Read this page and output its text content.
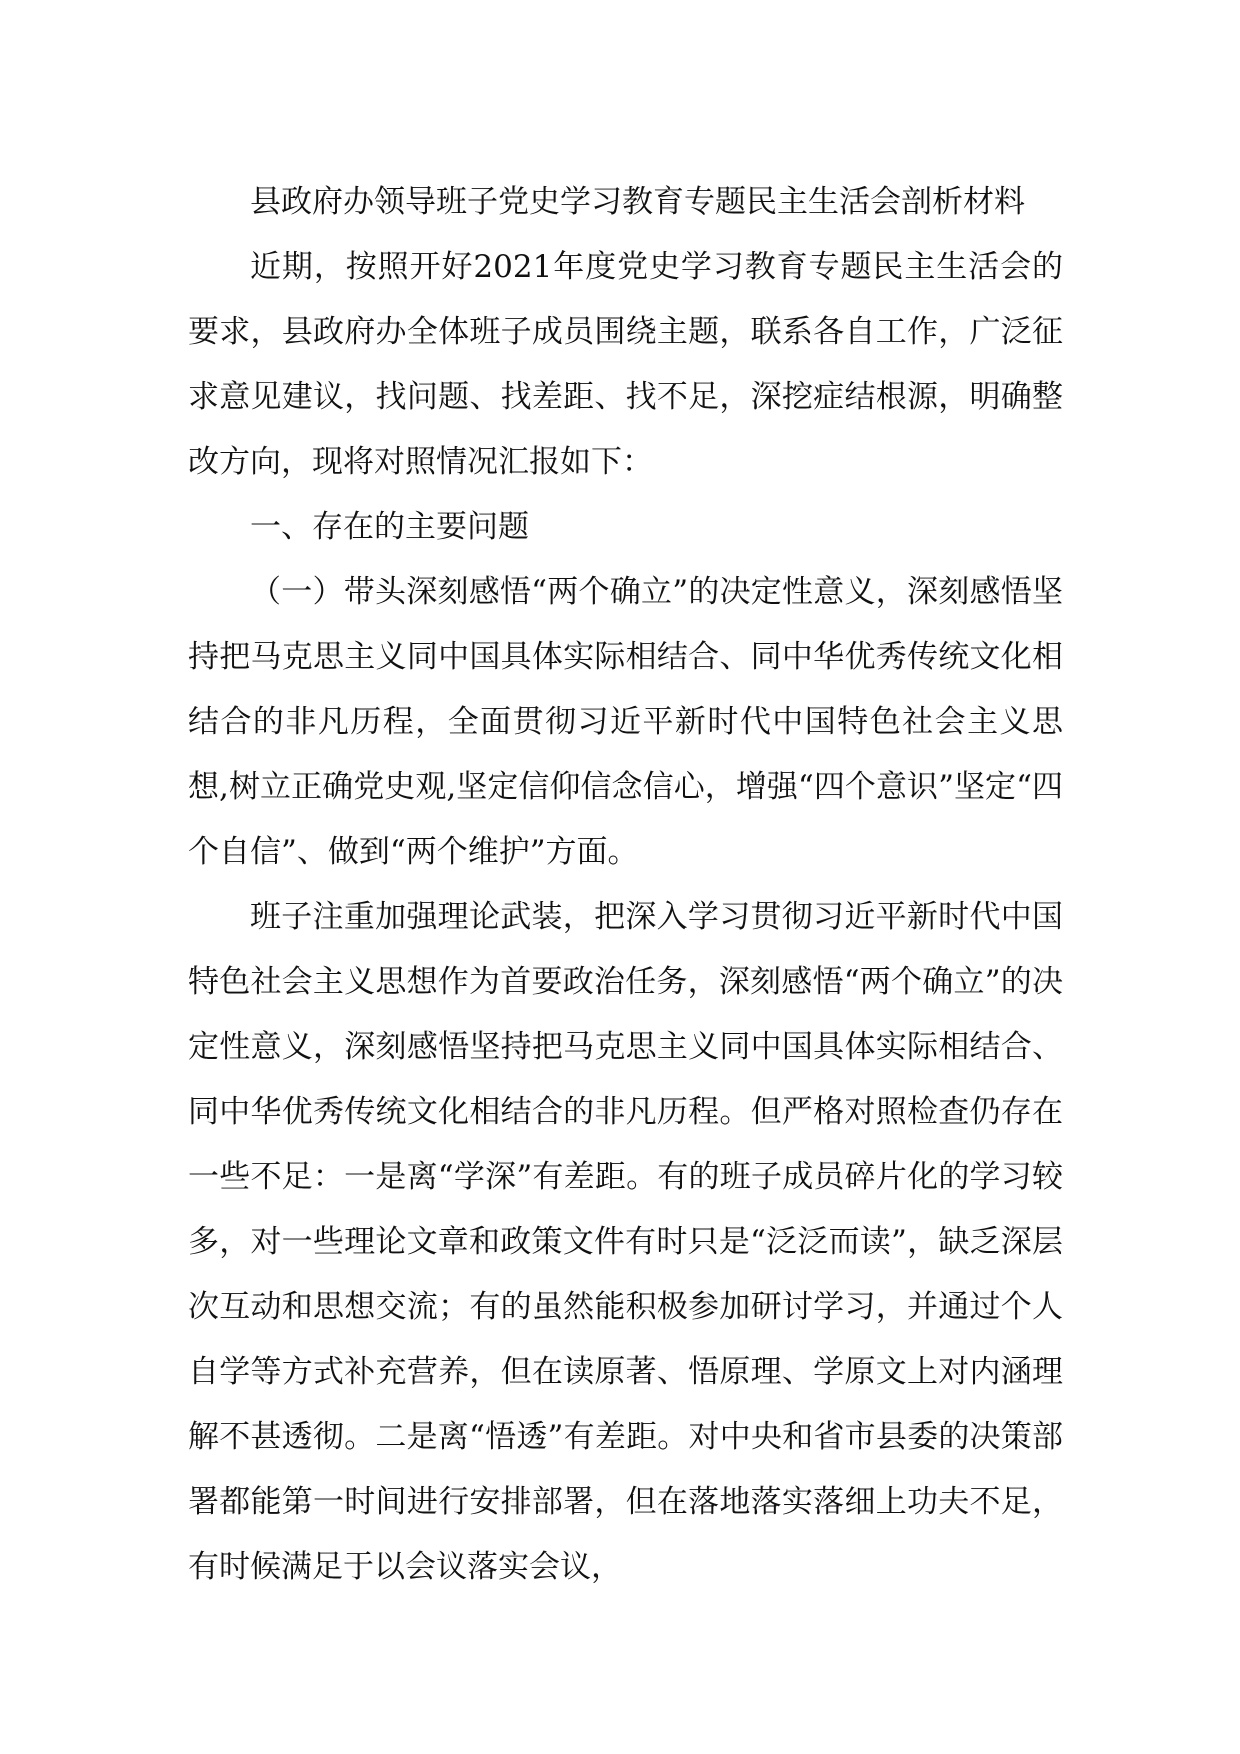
县政府办领导班子党史学习教育专题民主生活会剖析材料

近期，按照开好2021年度党史学习教育专题民主生活会的要求，县政府办全体班子成员围绕主题，联系各自工作，广泛征求意见建议，找问题、找差距、找不足，深挖症结根源，明确整改方向，现将对照情况汇报如下：

一、存在的主要问题

（一）带头深刻感悟“两个确立”的决定性意义，深刻感悟坚持把马克思主义同中国具体实际相结合、同中华优秀传统文化相结合的非凡历程，全面贯彻习近平新时代中国特色社会主义思想,树立正确党史观,坚定信仰信念信心，增强“四个意识”坚定“四个自信”、做到“两个维护”方面。

班子注重加强理论武装，把深入学习贯彻习近平新时代中国特色社会主义思想作为首要政治任务，深刻感悟“两个确立”的决定性意义，深刻感悟坚持把马克思主义同中国具体实际相结合、同中华优秀传统文化相结合的非凡历程。但严格对照检查仍存在一些不足：一是离“学深”有差距。有的班子成员碎片化的学习较多，对一些理论文章和政策文件有时只是“泛泛而读”，缺乏深层次互动和思想交流；有的虽然能积极参加研讨学习，并通过个人自学等方式补充营养，但在读原著、悟原理、学原文上对内涵理解不甚透彻。二是离“悟透”有差距。对中央和省市县委的决策部署都能第一时间进行安排部署，但在落地落实落细上功夫不足，有时候满足于以会议落实会议，
